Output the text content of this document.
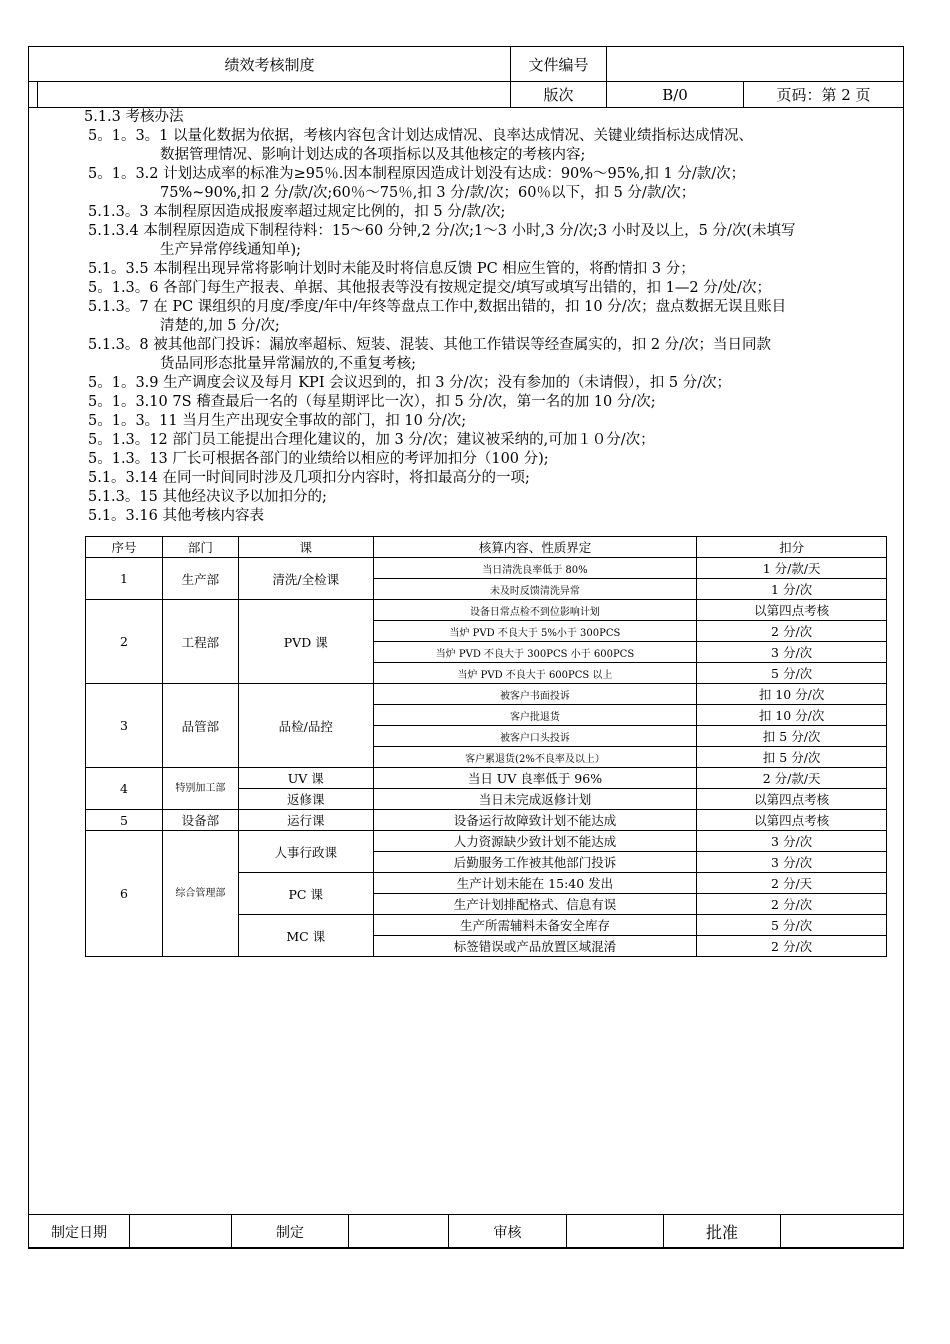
绩效考核制度	文件编号		

	版次	B/0	页码：第 2 页

5.1.3 考核办法

5。1。3。1 以量化数据为依据，考核内容包含计划达成情况、良率达成情况、关键业绩指标达成情况、

数据管理情况、影响计划达成的各项指标以及其他核定的考核内容;

5。1。3.2 计划达成率的标准为≥95％.因本制程原因造成计划没有达成：90%～95%,扣 1 分/款/次；

75%~90%,扣 2 分/款/次;60％～75％,扣 3 分/款/次；60％以下，扣 5 分/款/次；

5.1.3。3 本制程原因造成报废率超过规定比例的，扣 5 分/款/次;

5.1.3.4 本制程原因造成下制程待料：15～60 分钟,2 分/次;1～3 小时,3 分/次;3 小时及以上，5 分/次(未填写

生产异常停线通知单);

5.1。3.5 本制程出现异常将影响计划时未能及时将信息反馈 PC 相应生管的，将酌情扣 3 分；

5。1.3。6 各部门每生产报表、单据、其他报表等没有按规定提交/填写或填写出错的，扣 1—2 分/处/次；

5.1.3。7 在 PC 课组织的月度/季度/年中/年终等盘点工作中,数据出错的，扣 10 分/次；盘点数据无误且账目

清楚的,加 5 分/次;

5.1.3。8 被其他部门投诉：漏放率超标、短装、混装、其他工作错误等经查属实的，扣 2 分/次；当日同款

货品同形态批量异常漏放的,不重复考核;

5。1。3.9 生产调度会议及每月 KPI 会议迟到的，扣 3 分/次；没有参加的（未请假），扣 5 分/次；

5。1。3.10 7S 稽查最后一名的（每星期评比一次），扣 5 分/次，第一名的加 10 分/次;

5。1。3。11 当月生产出现安全事故的部门，扣 10 分/次;

5。1.3。12 部门员工能提出合理化建议的，加 3 分/次；建议被采纳的,可加１０分/次；

5。1.3。13 厂长可根据各部门的业绩给以相应的考评加扣分（100 分);

5.1。3.14 在同一时间同时涉及几项扣分内容时，将扣最高分的一项;

5.1.3。15 其他经决议予以加扣分的;

5.1。3.16 其他考核内容表

序号	部门	课	核算内容、性质界定	扣分
1	生产部	清洗/全检课	当日清洗良率低于 80%	1 分/款/天
			未及时反馈清洗异常	1 分/次
2	工程部	PVD 课	设备日常点检不到位影响计划	以第四点考核
			当炉 PVD 不良大于 5%小于 300PCS	2 分/次
			当炉 PVD 不良大于 300PCS 小于 600PCS	3 分/次
			当炉 PVD 不良大于 600PCS 以上	5 分/次
3	品管部	品检/品控	被客户书面投诉	扣 10 分/次
			客户批退货	扣 10 分/次
			被客户口头投诉	扣 5 分/次
			客户累退货(2%不良率及以上）	扣 5 分/次
4	特别加工部	UV 课	当日 UV 良率低于 96%	2 分/款/天
		返修课	当日未完成返修计划	以第四点考核
5	设备部	运行课	设备运行故障致计划不能达成	以第四点考核
6	综合管理部	人事行政课	人力资源缺少致计划不能达成	3 分/次
			后勤服务工作被其他部门投诉	3 分/次
		PC 课	生产计划未能在 15:40 发出	2 分/天
			生产计划排配格式、信息有误	2 分/次
		MC 课	生产所需辅料未备安全库存	5 分/次
			标签错误或产品放置区域混淆	2 分/次
制定日期		制定		审核		批准	
